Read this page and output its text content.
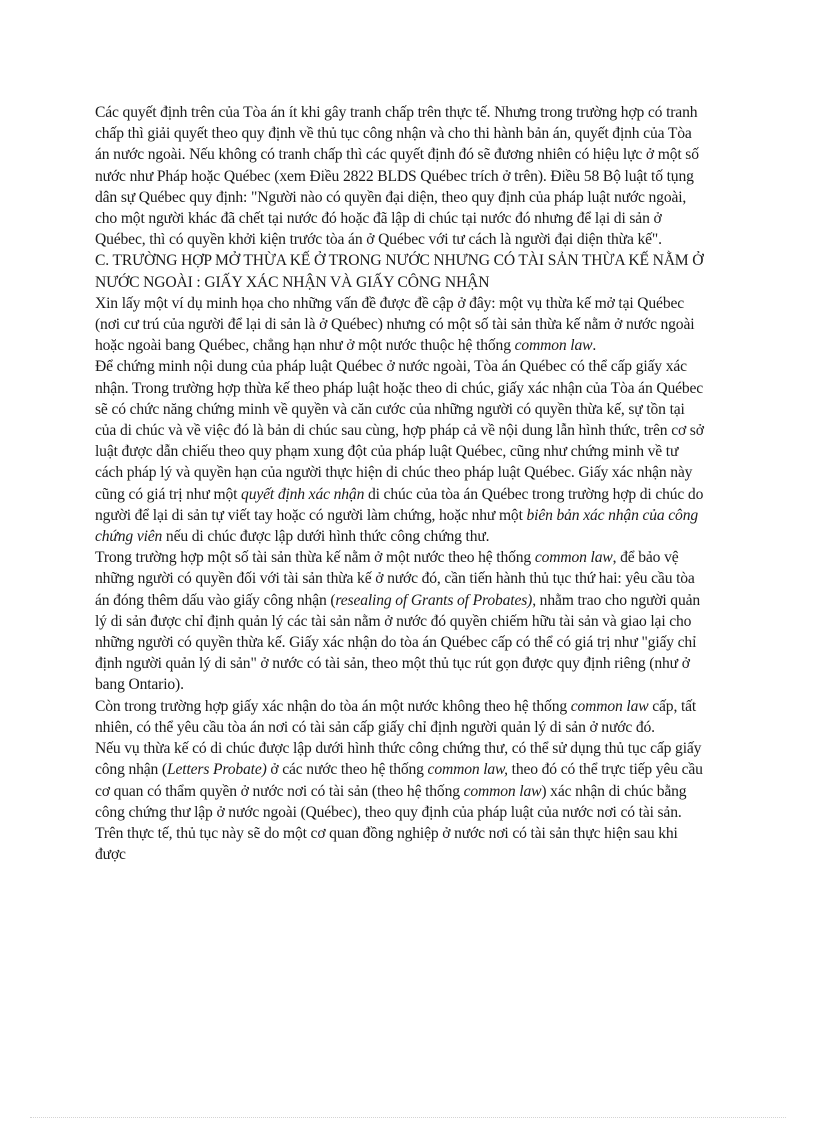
Các quyết định trên của Tòa án ít khi gây tranh chấp trên thực tế. Nhưng trong trường hợp có tranh chấp thì giải quyết theo quy định về thủ tục công nhận và cho thi hành bản án, quyết định của Tòa án nước ngoài. Nếu không có tranh chấp thì các quyết định đó sẽ đương nhiên có hiệu lực ở một số nước như Pháp hoặc Québec (xem Điều 2822 BLDS Québec trích ở trên). Điều 58 Bộ luật tố tụng dân sự Québec quy định: "Người nào có quyền đại diện, theo quy định của pháp luật nước ngoài, cho một người khác đã chết tại nước đó hoặc đã lập di chúc tại nước đó nhưng để lại di sản ở Québec, thì có quyền khởi kiện trước tòa án ở Québec với tư cách là người đại diện thừa kế".

C. TRƯỜNG HỢP MỞ THỪA KẾ Ở TRONG NƯỚC NHƯNG CÓ TÀI SẢN THỪA KẾ NẰM Ở

NƯỚC NGOÀI : GIẤY XÁC NHẬN VÀ GIẤY CÔNG NHẬN

Xin lấy một ví dụ minh họa cho những vấn đề được đề cập ở đây: một vụ thừa kế mở tại Québec (nơi cư trú của người để lại di sản là ở Québec) nhưng có một số tài sản thừa kế nằm ở nước ngoài hoặc ngoài bang Québec, chẳng hạn như ở một nước thuộc hệ thống common law.

Để chứng minh nội dung của pháp luật Québec ở nước ngoài, Tòa án Québec có thể cấp giấy xác nhận. Trong trường hợp thừa kế theo pháp luật hoặc theo di chúc, giấy xác nhận của Tòa án Québec sẽ có chức năng chứng minh về quyền và căn cước của những người có quyền thừa kế, sự tồn tại của di chúc và về việc đó là bản di chúc sau cùng, hợp pháp cả về nội dung lẫn hình thức, trên cơ sở luật được dẫn chiếu theo quy phạm xung đột của pháp luật Québec, cũng như chứng minh về tư cách pháp lý và quyền hạn của người thực hiện di chúc theo pháp luật Québec. Giấy xác nhận này cũng có giá trị như một quyết định xác nhận di chúc của tòa án Québec trong trường hợp di chúc do người để lại di sản tự viết tay hoặc có người làm chứng, hoặc như một biên bản xác nhận của công chứng viên nếu di chúc được lập dưới hình thức công chứng thư.

Trong trường hợp một số tài sản thừa kế nằm ở một nước theo hệ thống common law, để bảo vệ những người có quyền đối với tài sản thừa kế ở nước đó, cần tiến hành thủ tục thứ hai: yêu cầu tòa án đóng thêm dấu vào giấy công nhận (resealing of Grants of Probates), nhằm trao cho người quản lý di sản được chỉ định quản lý các tài sản nằm ở nước đó quyền chiếm hữu tài sản và giao lại cho những người có quyền thừa kế. Giấy xác nhận do tòa án Québec cấp có thể có giá trị như "giấy chỉ định người quản lý di sản" ở nước có tài sản, theo một thủ tục rút gọn được quy định riêng (như ở bang Ontario).

Còn trong trường hợp giấy xác nhận do tòa án một nước không theo hệ thống common law cấp, tất nhiên, có thể yêu cầu tòa án nơi có tài sản cấp giấy chỉ định người quản lý di sản ở nước đó.

Nếu vụ thừa kế có di chúc được lập dưới hình thức công chứng thư, có thể sử dụng thủ tục cấp giấy công nhận (Letters Probate) ở các nước theo hệ thống common law, theo đó có thể trực tiếp yêu cầu cơ quan có thẩm quyền ở nước nơi có tài sản (theo hệ thống common law) xác nhận di chúc bằng công chứng thư lập ở nước ngoài (Québec), theo quy định của pháp luật của nước nơi có tài sản. Trên thực tế, thủ tục này sẽ do một cơ quan đồng nghiệp ở nước nơi có tài sản thực hiện sau khi được
